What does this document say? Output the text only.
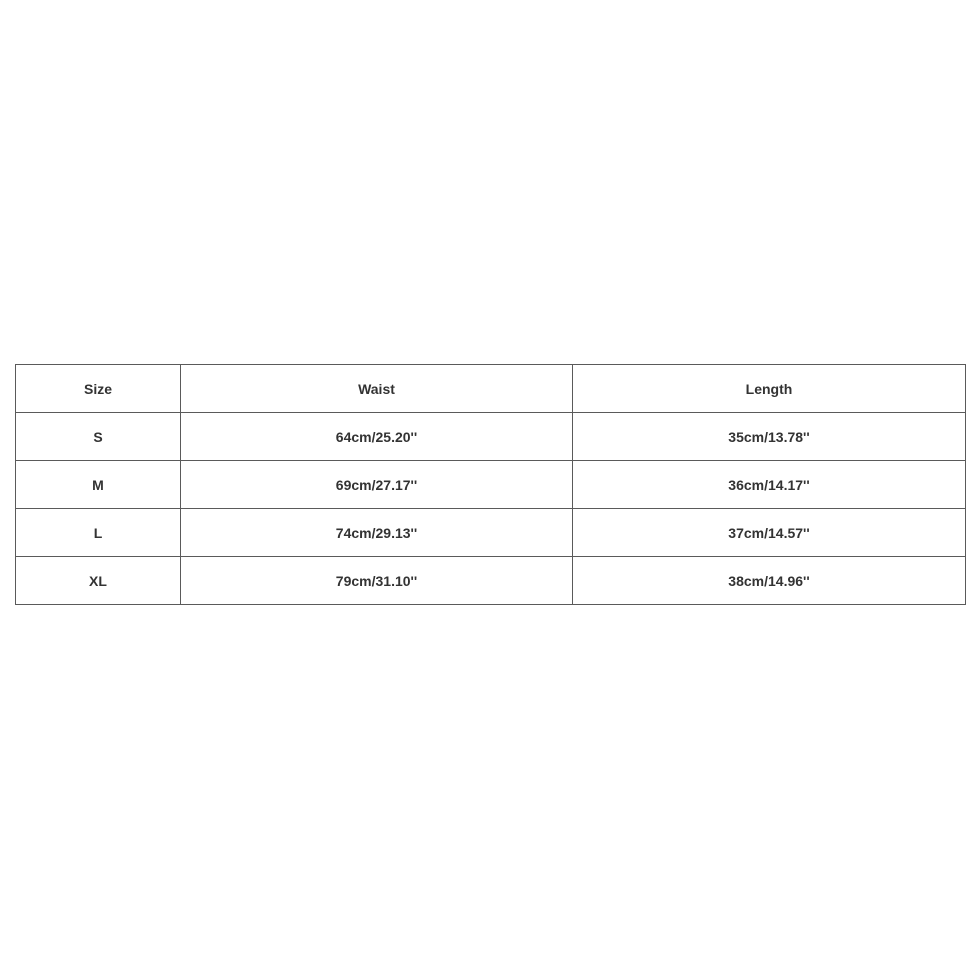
Size	Waist	Length
S	64cm/25.20''	35cm/13.78''
M	69cm/27.17''	36cm/14.17''
L	74cm/29.13''	37cm/14.57''
XL	79cm/31.10''	38cm/14.96''
